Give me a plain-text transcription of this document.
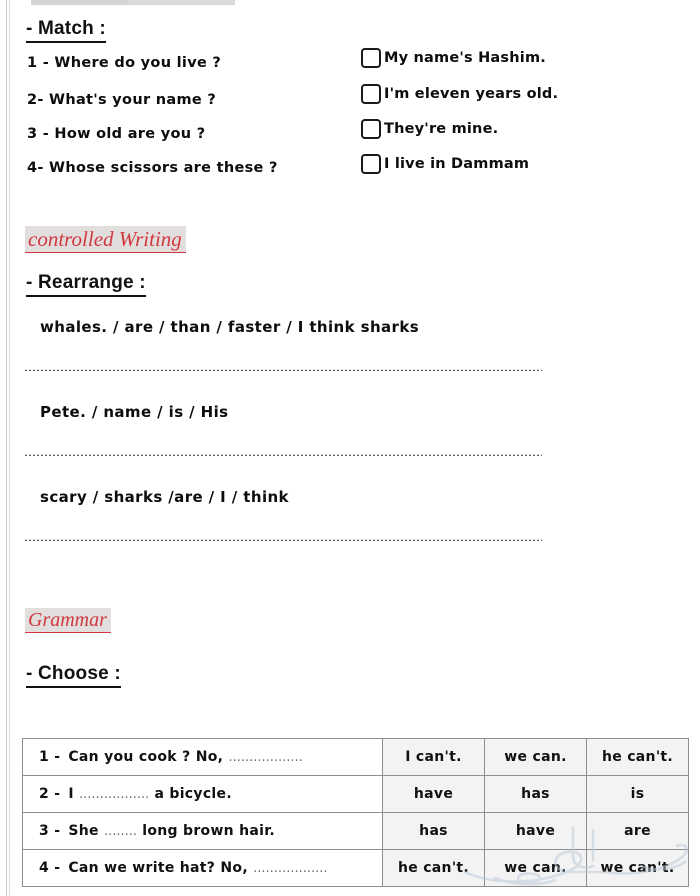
- Match :
1 - Where do you live ?
2- What's your name ?
3 - How old are you ?
4- Whose scissors are these ?
My name's Hashim.
I'm eleven years old.
They're mine.
I live in Dammam
controlled Writing
- Rearrange :
whales. / are / than / faster / I think sharks
Pete. / name / is / His
scary / sharks /are / I / think
Grammar
- Choose :
1 - Can you cook ? No, ..................	I can't.	we can.	he can't.
2 - I ................. a bicycle.	have	has	is
3 - She ........ long brown hair.	has	have	are
4 - Can we write hat? No, ..................	he can't.	we can.	we can't.
